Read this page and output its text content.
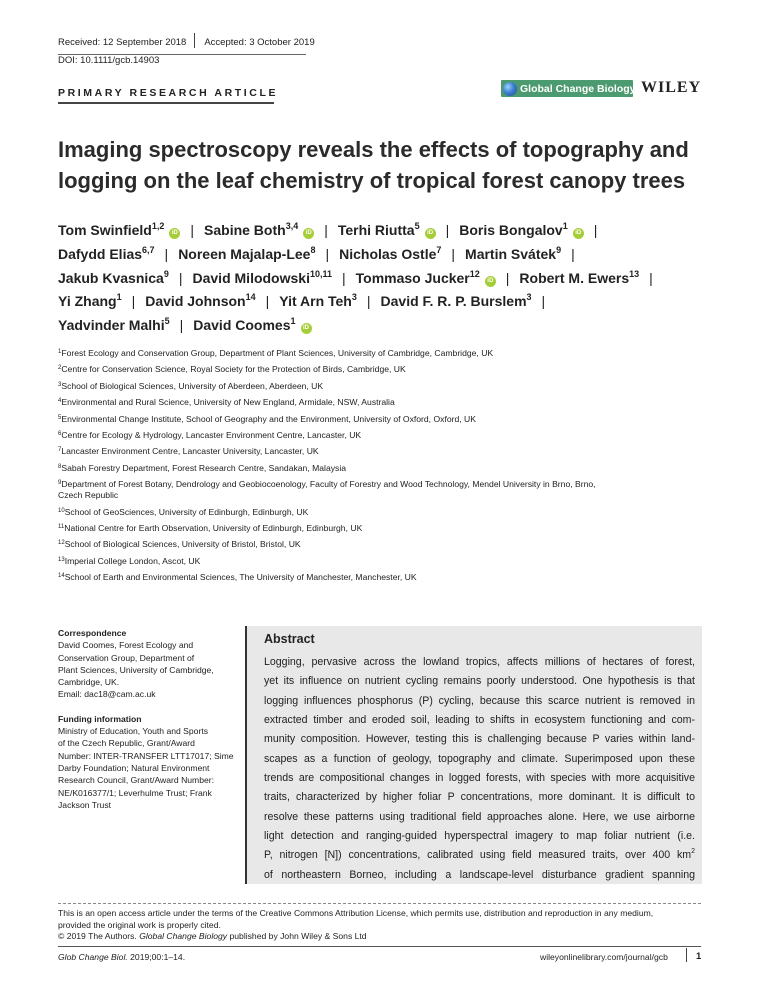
Received: 12 September 2018 Accepted: 3 October 2019
DOI: 10.1111/gcb.14903
PRIMARY RESEARCH ARTICLE	Global Change Biology WILEY
Imaging spectroscopy reveals the effects of topography and
logging on the leaf chemistry of tropical forest canopy trees
Tom Swinfield$^{1,2}$iD | Sabine Both$^{3,4}$iD | Terhi Riutta$^5$iD | Boris Bongalov$^1$iD |
Dafydd Elias$^{6,7}$ | Noreen Majalap-Lee$^8$ | Nicholas Ostle$^7$ | Martin Svátek$^9$ |
Jakub Kvasnica$^9$ | David Milodowski$^{10,11}$ | Tommaso Jucker$^{12}$iD | Robert M. Ewers$^{13}$ |
Yi Zhang$^1$ | David Johnson$^{14}$ | Yit Arn Teh$^3$ | David F. R. P. Burslem$^3$ |
Yadvinder Malhi$^5$ | David Coomes$^1$iD
$^1$Forest Ecology and Conservation Group, Department of Plant Sciences, University of Cambridge, Cambridge, UK
$^2$Centre for Conservation Science, Royal Society for the Protection of Birds, Cambridge, UK
$^3$School of Biological Sciences, University of Aberdeen, Aberdeen, UK
$^4$Environmental and Rural Science, University of New England, Armidale, NSW, Australia
$^5$Environmental Change Institute, School of Geography and the Environment, University of Oxford, Oxford, UK
$^6$Centre for Ecology & Hydrology, Lancaster Environment Centre, Lancaster, UK
$^7$Lancaster Environment Centre, Lancaster University, Lancaster, UK
$^8$Sabah Forestry Department, Forest Research Centre, Sandakan, Malaysia
$^9$Department of Forest Botany, Dendrology and Geobiocoenology, Faculty of Forestry and Wood Technology, Mendel University in Brno, Brno,
Czech Republic
$^{10}$School of GeoSciences, University of Edinburgh, Edinburgh, UK
$^{11}$National Centre for Earth Observation, University of Edinburgh, Edinburgh, UK
$^{12}$School of Biological Sciences, University of Bristol, Bristol, UK
$^{13}$Imperial College London, Ascot, UK
$^{14}$School of Earth and Environmental Sciences, The University of Manchester, Manchester, UK
Correspondence
David Coomes, Forest Ecology and
Conservation Group, Department of
Plant Sciences, University of Cambridge,
Cambridge, UK.
Email: dac18@cam.ac.uk
Funding information
Ministry of Education, Youth and Sports
of the Czech Republic, Grant/Award
Number: INTER-TRANSFER LTT17017; Sime
Darby Foundation; Natural Environment
Research Council, Grant/Award Number:
NE/K016377/1; Leverhulme Trust; Frank
Jackson Trust
Abstract
Logging, pervasive across the lowland tropics, affects millions of hectares of forest,
yet its influence on nutrient cycling remains poorly understood. One hypothesis is that
logging influences phosphorus (P) cycling, because this scarce nutrient is removed in
extracted timber and eroded soil, leading to shifts in ecosystem functioning and com-
munity composition. However, testing this is challenging because P varies within land-
scapes as a function of geology, topography and climate. Superimposed upon these
trends are compositional changes in logged forests, with species with more acquisitive
traits, characterized by higher foliar P concentrations, more dominant. It is difficult to
resolve these patterns using traditional field approaches alone. Here, we use airborne
light detection and ranging-guided hyperspectral imagery to map foliar nutrient (i.e.
P, nitrogen [N]) concentrations, calibrated using field measured traits, over 400 $km^2$
of northeastern Borneo, including a landscape-level disturbance gradient spanning
This is an open access article under the terms of the Creative Commons Attribution License, which permits use, distribution and reproduction in any medium,
provided the original work is properly cited.
© 2019 The Authors. Global Change Biology published by John Wiley & Sons Ltd
Glob Change Biol. 2019;00:1–14.	wileyonlinelibrary.com/journal/gcb	1
